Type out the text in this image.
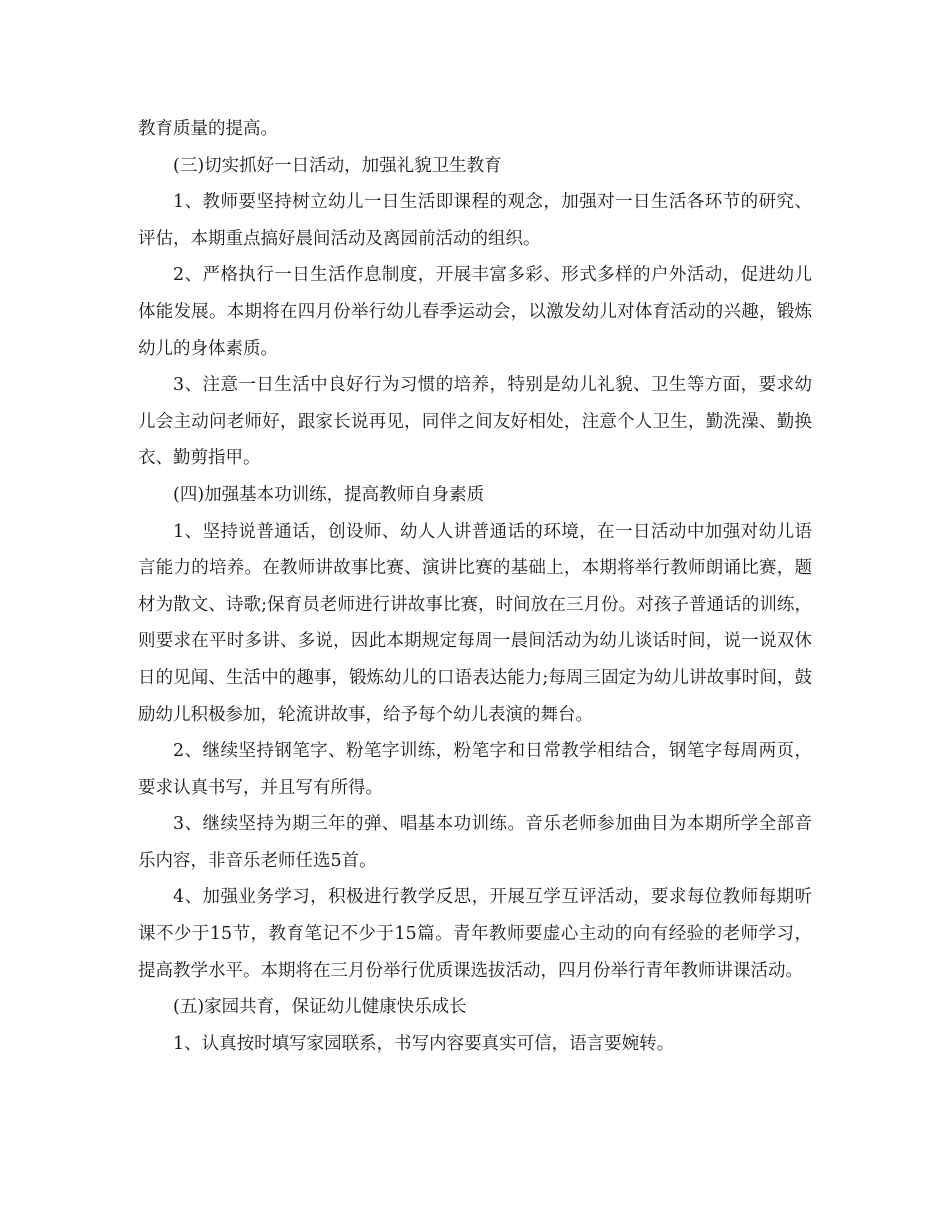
教育质量的提高。

(三)切实抓好一日活动，加强礼貌卫生教育

1、教师要坚持树立幼儿一日生活即课程的观念，加强对一日生活各环节的研究、评估，本期重点搞好晨间活动及离园前活动的组织。

2、严格执行一日生活作息制度，开展丰富多彩、形式多样的户外活动，促进幼儿体能发展。本期将在四月份举行幼儿春季运动会，以激发幼儿对体育活动的兴趣，锻炼幼儿的身体素质。

3、注意一日生活中良好行为习惯的培养，特别是幼儿礼貌、卫生等方面，要求幼儿会主动问老师好，跟家长说再见，同伴之间友好相处，注意个人卫生，勤洗澡、勤换衣、勤剪指甲。

(四)加强基本功训练，提高教师自身素质

1、坚持说普通话，创设师、幼人人讲普通话的环境，在一日活动中加强对幼儿语言能力的培养。在教师讲故事比赛、演讲比赛的基础上，本期将举行教师朗诵比赛，题材为散文、诗歌;保育员老师进行讲故事比赛，时间放在三月份。对孩子普通话的训练，则要求在平时多讲、多说，因此本期规定每周一晨间活动为幼儿谈话时间，说一说双休日的见闻、生活中的趣事，锻炼幼儿的口语表达能力;每周三固定为幼儿讲故事时间，鼓励幼儿积极参加，轮流讲故事，给予每个幼儿表演的舞台。

2、继续坚持钢笔字、粉笔字训练，粉笔字和日常教学相结合，钢笔字每周两页，要求认真书写，并且写有所得。

3、继续坚持为期三年的弹、唱基本功训练。音乐老师参加曲目为本期所学全部音乐内容，非音乐老师任选5首。

4、加强业务学习，积极进行教学反思，开展互学互评活动，要求每位教师每期听课不少于15节，教育笔记不少于15篇。青年教师要虚心主动的向有经验的老师学习，提高教学水平。本期将在三月份举行优质课选拔活动，四月份举行青年教师讲课活动。

(五)家园共育，保证幼儿健康快乐成长

1、认真按时填写家园联系，书写内容要真实可信，语言要婉转。
